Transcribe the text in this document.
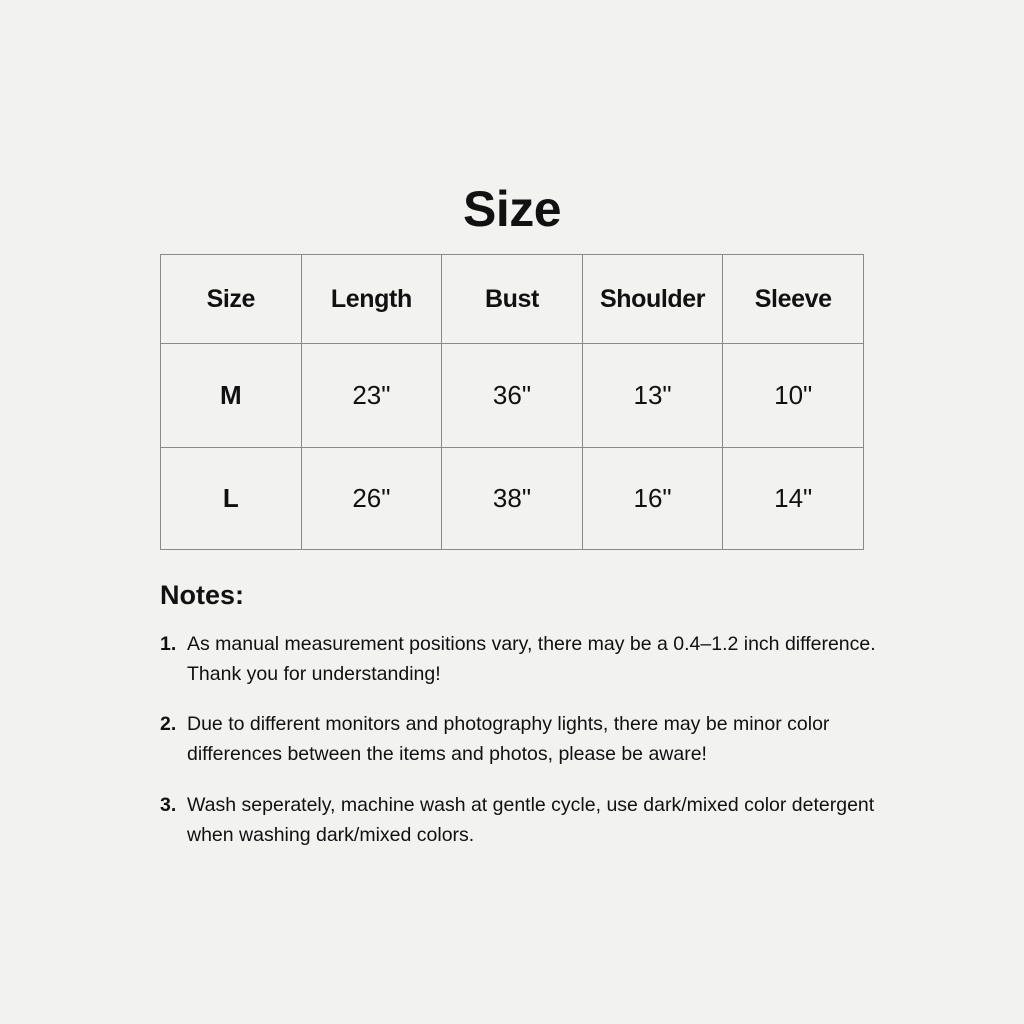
Size
Size	Length	Bust	Shoulder	Sleeve
M	23"	36"	13"	10"
L	26"	38"	16"	14"
Notes:
1. As manual measurement positions vary, there may be a 0.4–1.2 inch difference. Thank you for understanding!
2. Due to different monitors and photography lights, there may be minor color differences between the items and photos, please be aware!
3. Wash seperately, machine wash at gentle cycle, use dark/mixed color detergent when washing dark/mixed colors.
